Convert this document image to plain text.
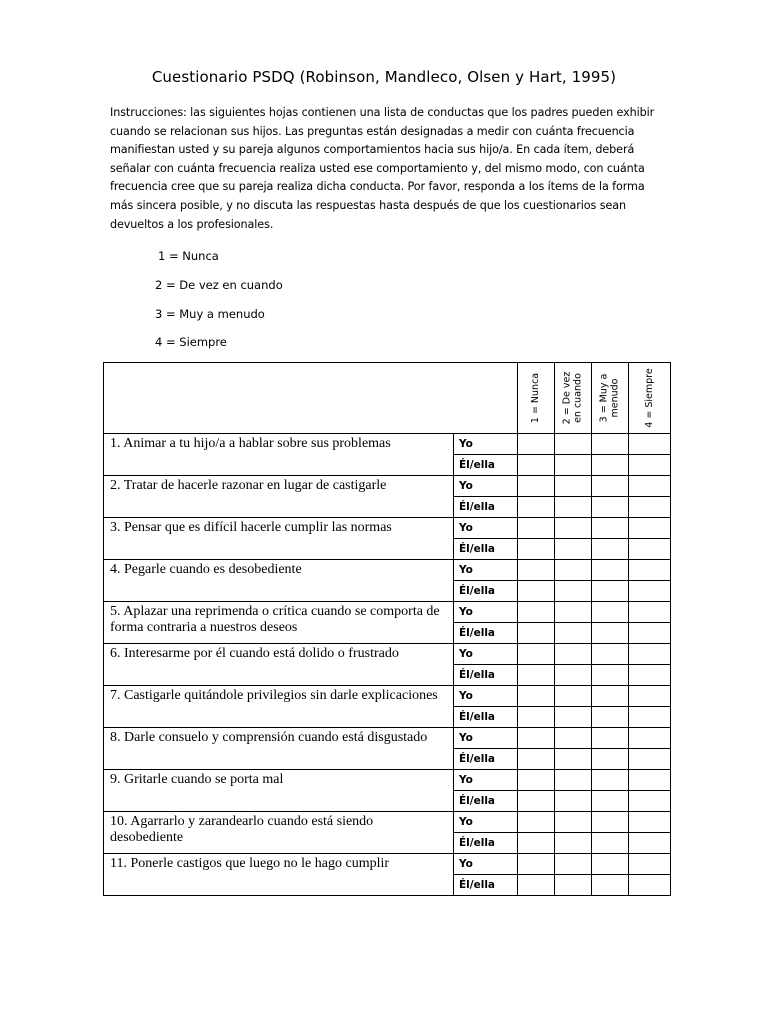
Cuestionario PSDQ (Robinson, Mandleco, Olsen y Hart, 1995)
Instrucciones: las siguientes hojas contienen una lista de conductas que los padres pueden exhibir cuando se relacionan sus hijos. Las preguntas están designadas a medir con cuánta frecuencia manifiestan usted y su pareja algunos comportamientos hacia sus hijo/a. En cada ítem, deberá señalar con cuánta frecuencia realiza usted ese comportamiento y, del mismo modo, con cuánta frecuencia cree que su pareja realiza dicha conducta. Por favor, responda a los ítems de la forma más sincera posible, y no discuta las respuestas hasta después de que los cuestionarios sean devueltos a los profesionales.
1 = Nunca
2 = De vez en cuando
3 = Muy a menudo
4 = Siempre

		1 = Nunca	2 = De vez en cuando	3 = Muy a menudo	4 = Siempre

1. Animar a tu hijo/a a hablar sobre sus problemas	Yo				
	Él/ella				
2. Tratar de hacerle razonar en lugar de castigarle	Yo				
	Él/ella				
3. Pensar que es difícil hacerle cumplir las normas	Yo				
	Él/ella				
4. Pegarle cuando es desobediente	Yo				
	Él/ella				
5. Aplazar una reprimenda o crítica cuando se comporta de forma contraria a nuestros deseos	Yo				
	Él/ella				
6. Interesarme por él cuando está dolido o frustrado	Yo				
	Él/ella				
7. Castigarle quitándole privilegios sin darle explicaciones	Yo				
	Él/ella				
8. Darle consuelo y comprensión cuando está disgustado	Yo				
	Él/ella				
9. Gritarle cuando se porta mal	Yo				
	Él/ella				
10. Agarrarlo y zarandearlo cuando está siendo desobediente	Yo				
	Él/ella				
11. Ponerle castigos que luego no le hago cumplir	Yo				
	Él/ella				
